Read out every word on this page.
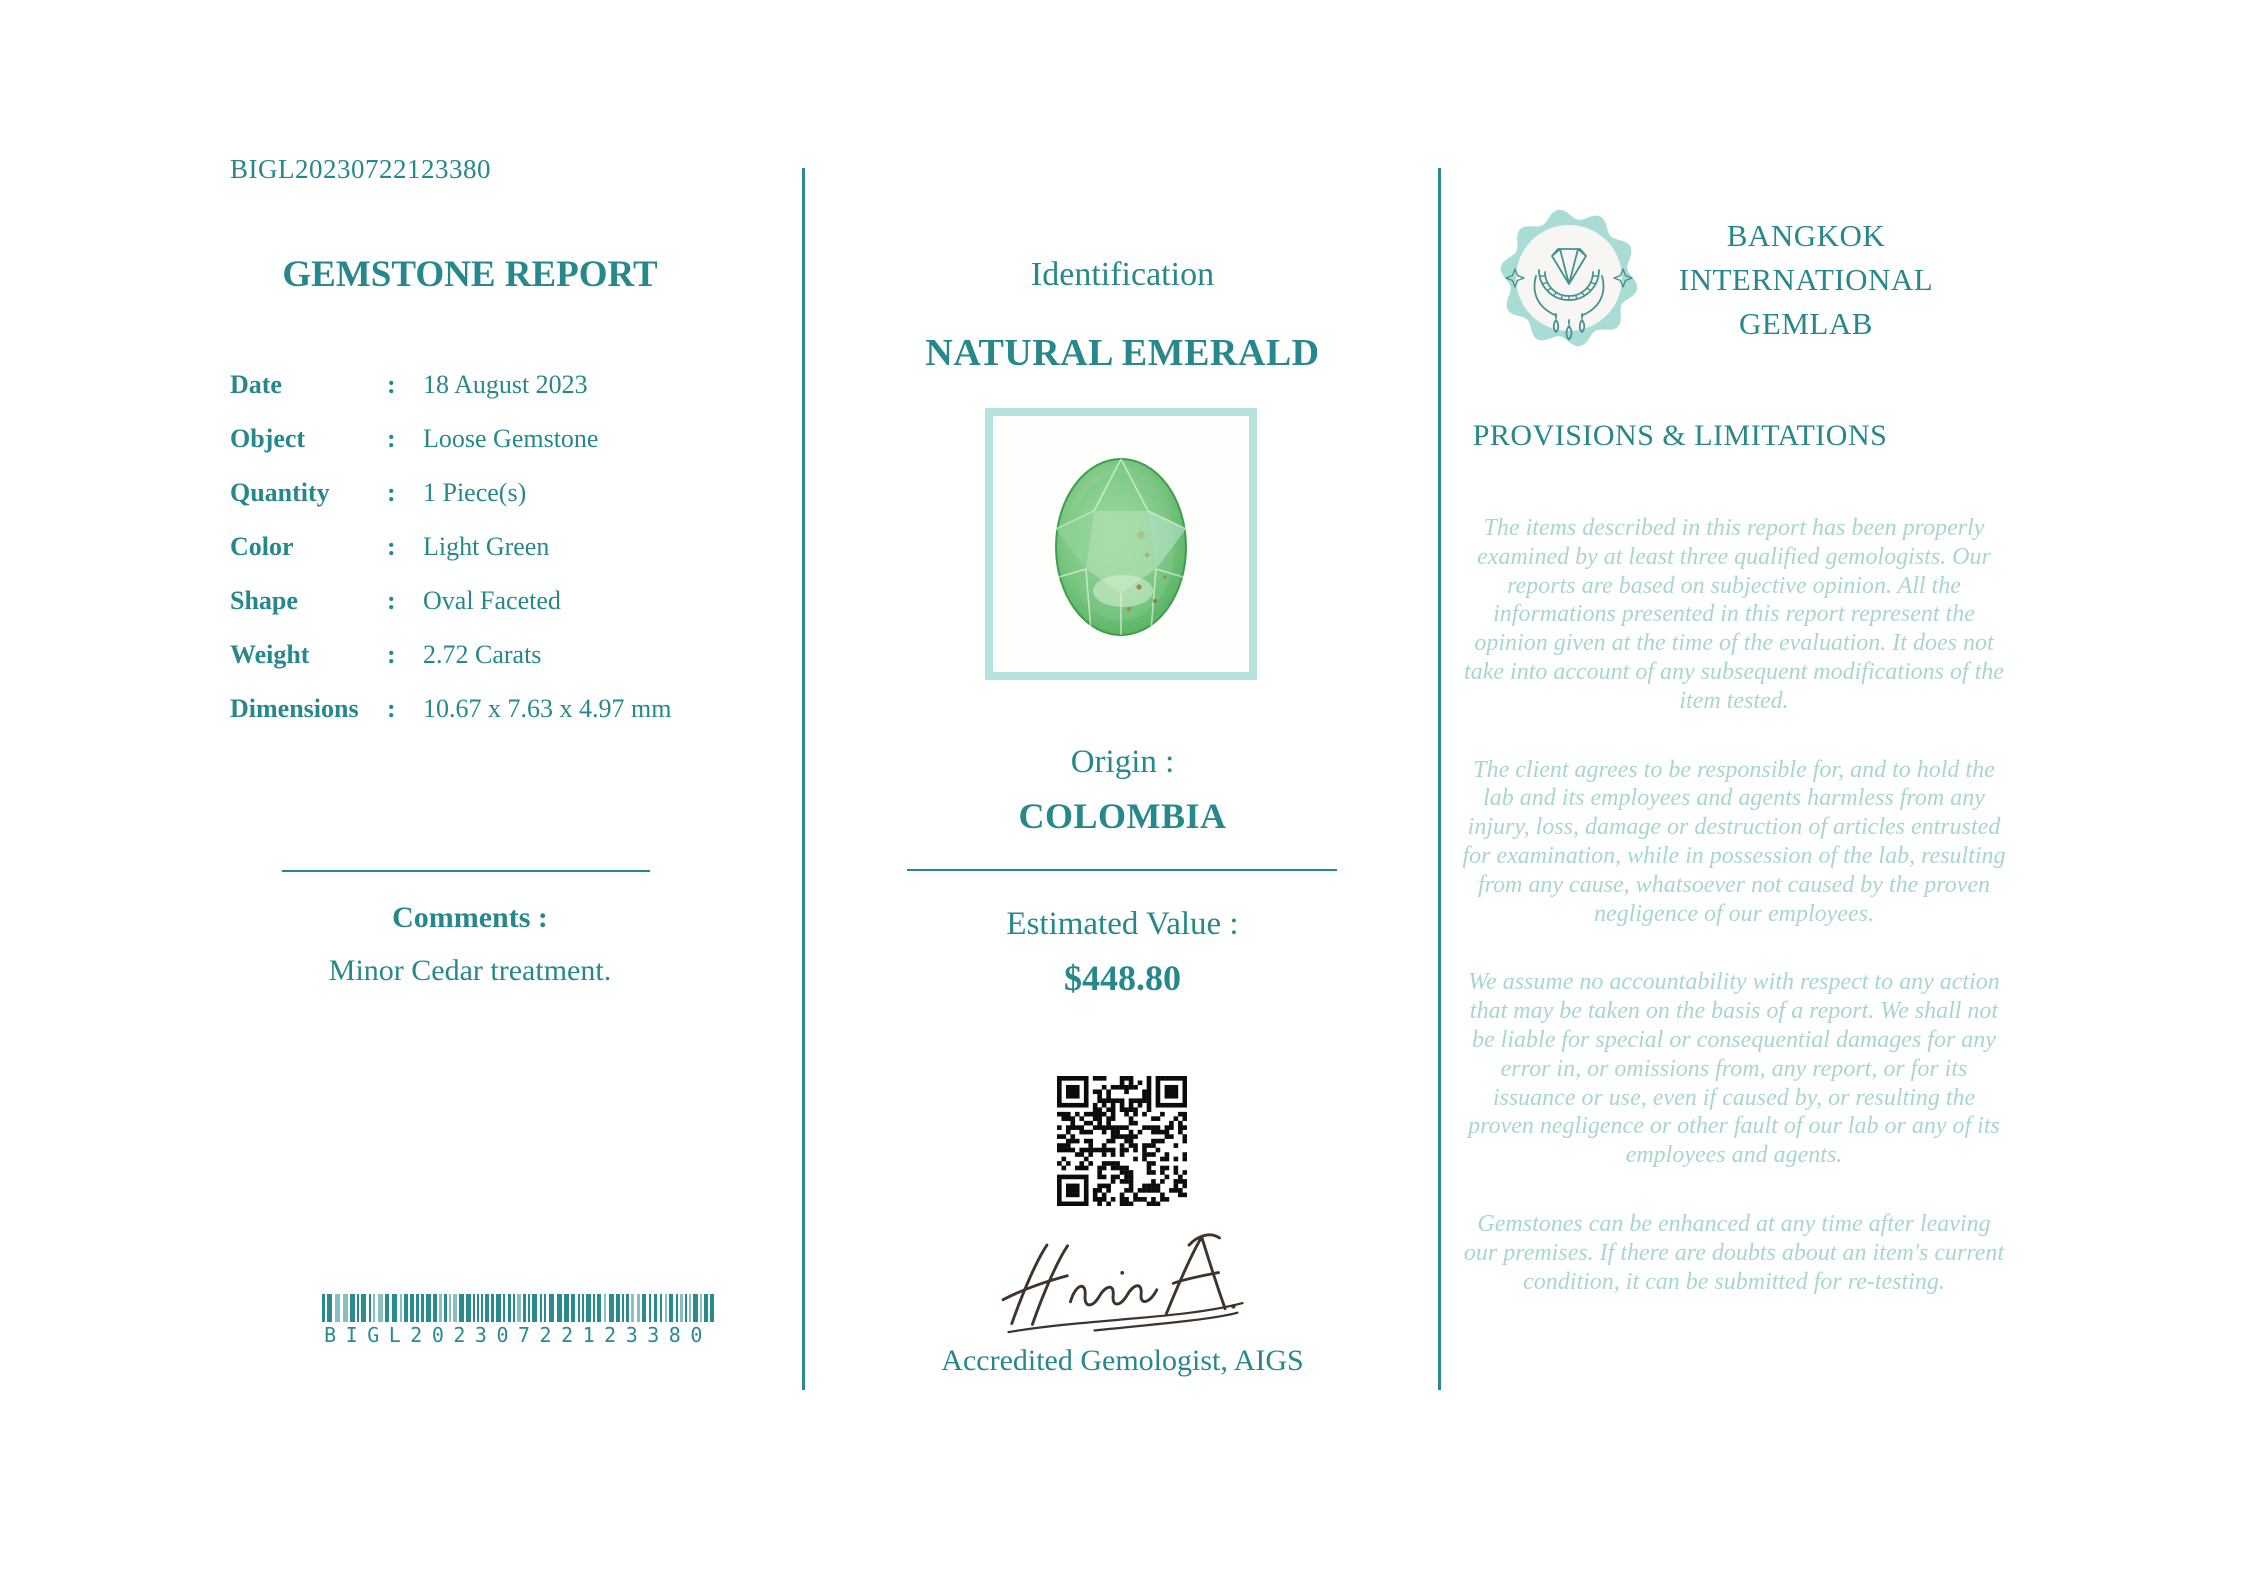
BIGL20230722123380
GEMSTONE REPORT
Date	:	18 August 2023
Object	:	Loose Gemstone
Quantity	:	1 Piece(s)
Color	:	Light Green
Shape	:	Oval Faceted
Weight	:	2.72 Carats
Dimensions	:	10.67 x 7.63 x 4.97 mm
Comments :
Minor Cedar treatment.
BIGL20230722123380
Identification
NATURAL EMERALD
Origin :
COLOMBIA
Estimated Value :
$448.80
Accredited Gemologist, AIGS
BANGKOK
INTERNATIONAL
GEMLAB
PROVISIONS & LIMITATIONS

The items described in this report has been properly examined by at least three qualified gemologists. Our reports are based on subjective opinion. All the informations presented in this report represent the opinion given at the time of the evaluation. It does not take into account of any subsequent modifications of the item tested.

The client agrees to be responsible for, and to hold the lab and its employees and agents harmless from any injury, loss, damage or destruction of articles entrusted for examination, while in possession of the lab, resulting from any cause, whatsoever not caused by the proven negligence of our employees.

We assume no accountability with respect to any action that may be taken on the basis of a report. We shall not be liable for special or consequential damages for any error in, or omissions from, any report, or for its issuance or use, even if caused by, or resulting the proven negligence or other fault of our lab or any of its employees and agents.

Gemstones can be enhanced at any time after leaving our premises. If there are doubts about an item's current condition, it can be submitted for re-testing.
